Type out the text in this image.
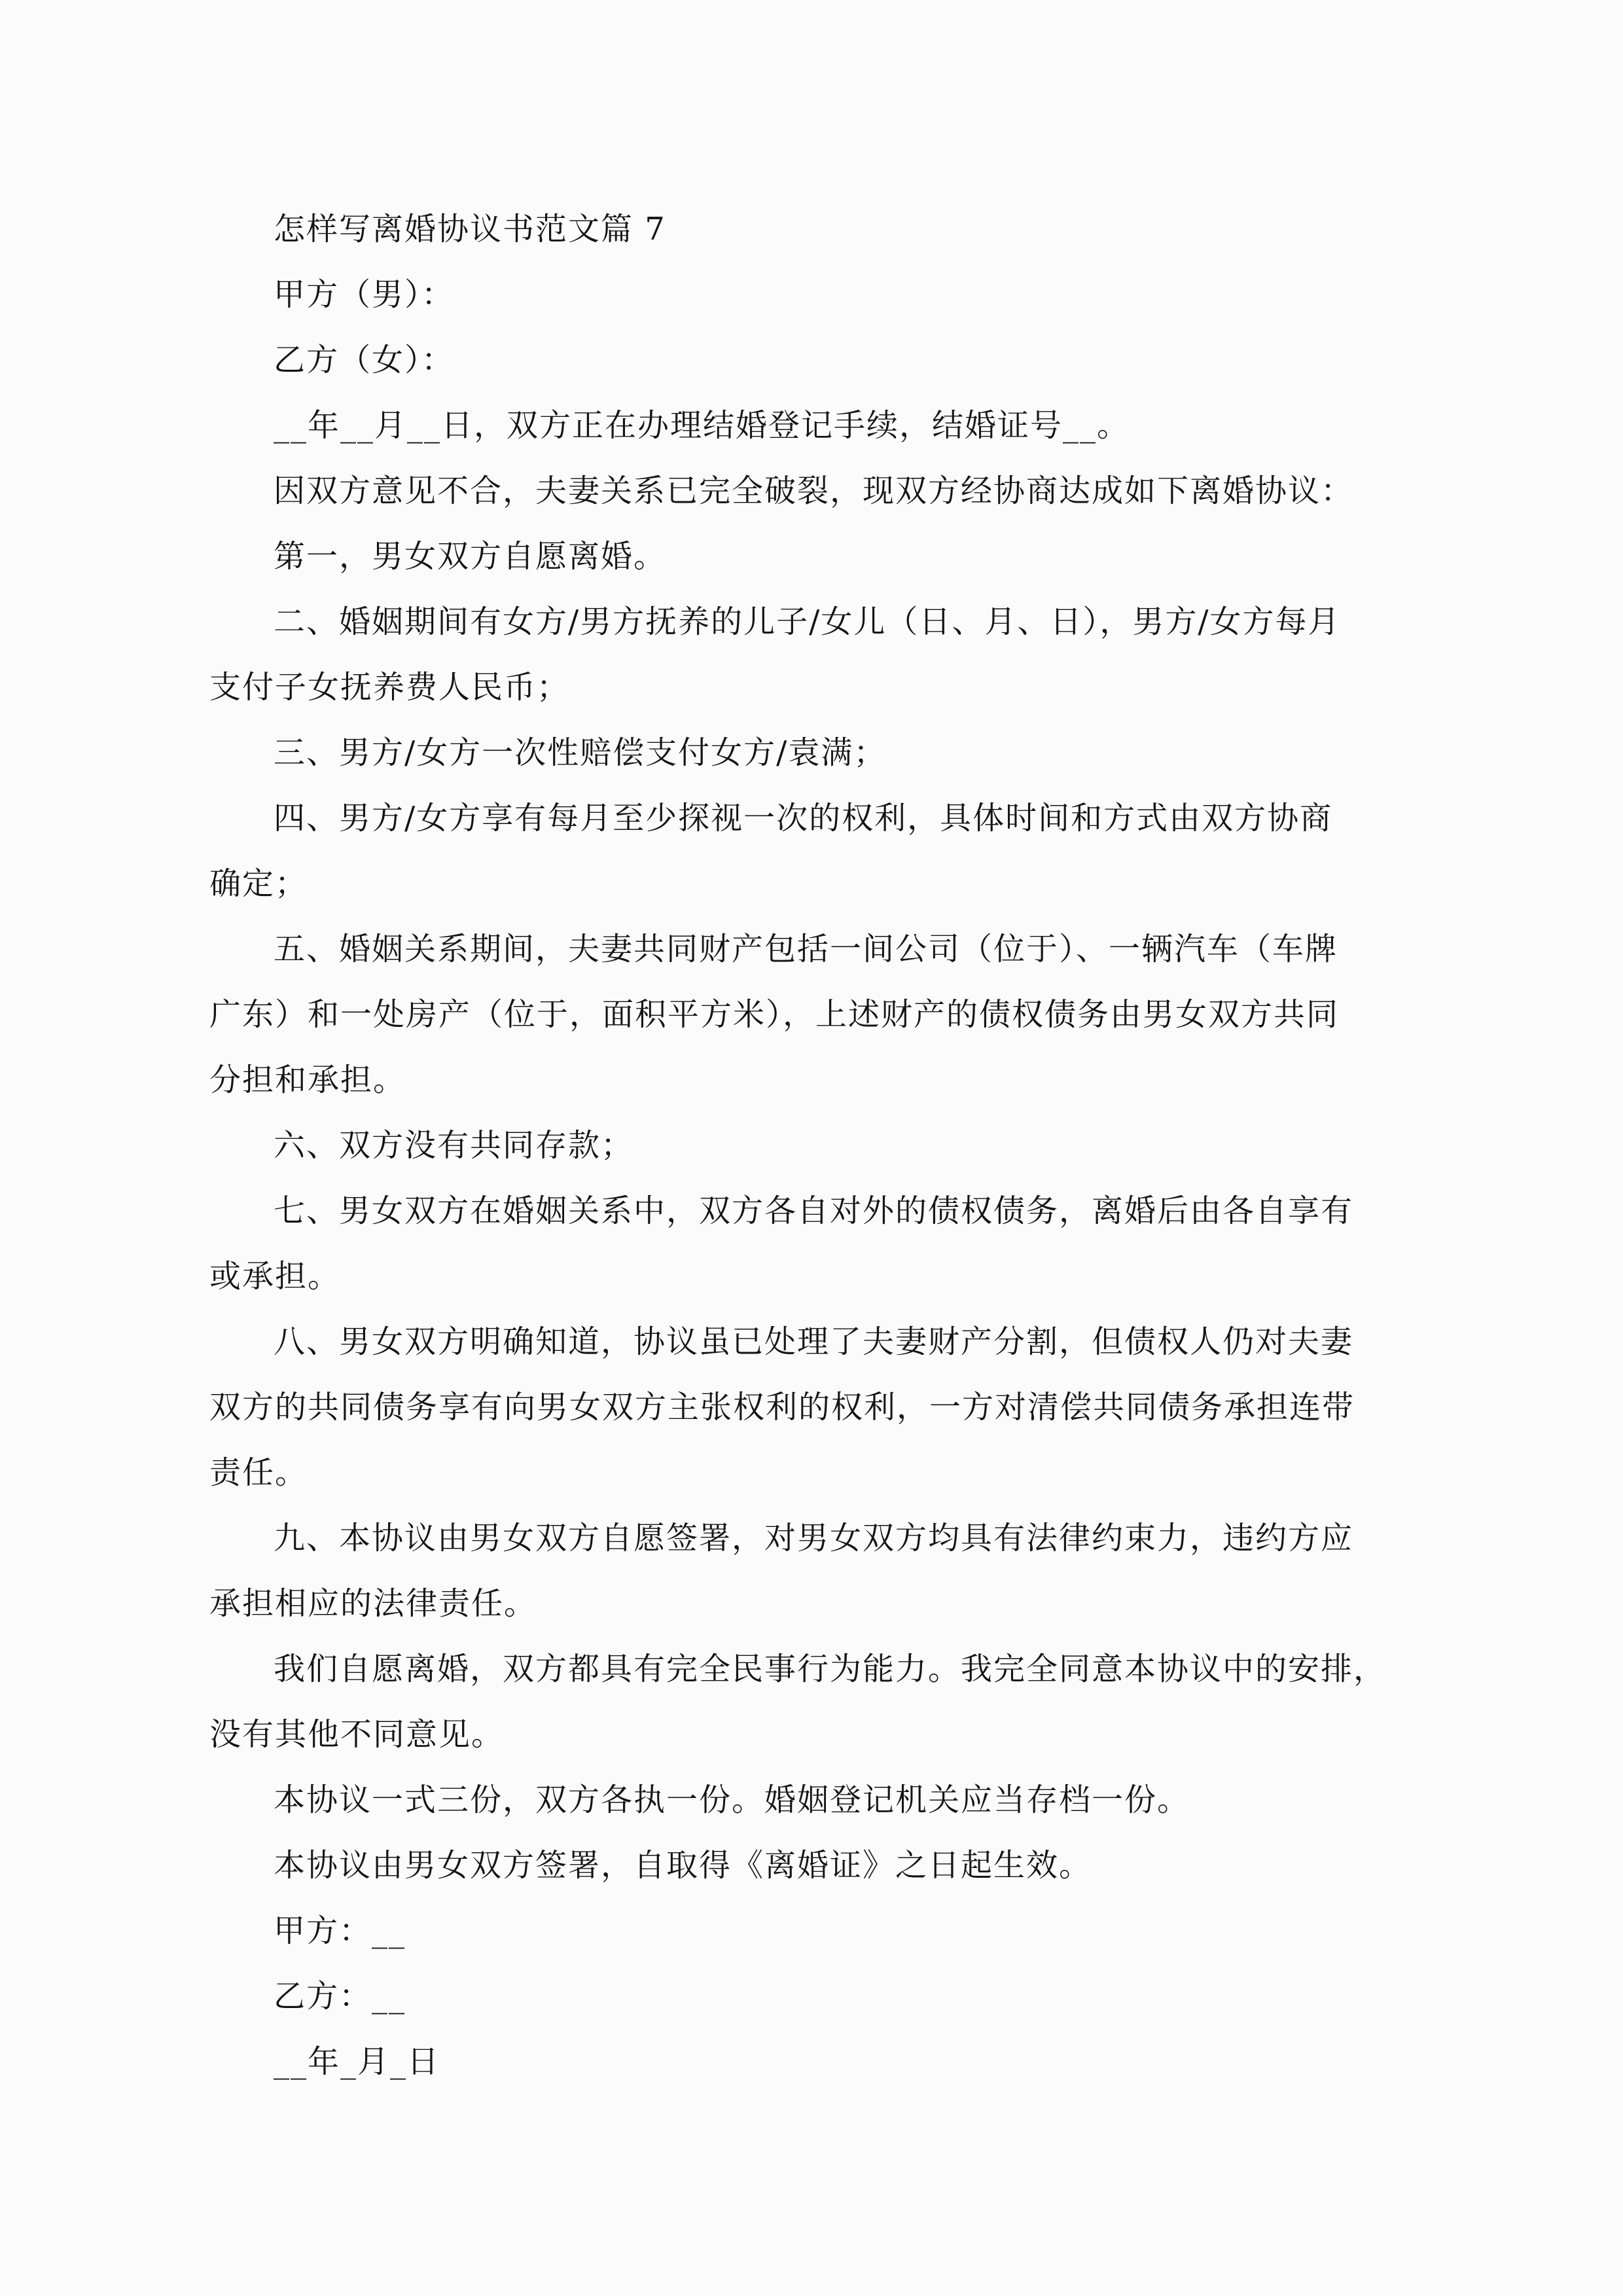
怎样写离婚协议书范文篇 7
甲方（男）：
乙方（女）：
__年__月__日，双方正在办理结婚登记手续，结婚证号__。
因双方意见不合，夫妻关系已完全破裂，现双方经协商达成如下离婚协议：
第一，男女双方自愿离婚。
二、婚姻期间有女方/男方抚养的儿子/女儿（日、月、日），男方/女方每月
支付子女抚养费人民币；
三、男方/女方一次性赔偿支付女方/袁满；
四、男方/女方享有每月至少探视一次的权利，具体时间和方式由双方协商
确定；
五、婚姻关系期间，夫妻共同财产包括一间公司（位于）、一辆汽车（车牌
广东）和一处房产（位于，面积平方米），上述财产的债权债务由男女双方共同
分担和承担。
六、双方没有共同存款；
七、男女双方在婚姻关系中，双方各自对外的债权债务，离婚后由各自享有
或承担。
八、男女双方明确知道，协议虽已处理了夫妻财产分割，但债权人仍对夫妻
双方的共同债务享有向男女双方主张权利的权利，一方对清偿共同债务承担连带
责任。
九、本协议由男女双方自愿签署，对男女双方均具有法律约束力，违约方应
承担相应的法律责任。
我们自愿离婚，双方都具有完全民事行为能力。我完全同意本协议中的安排，
没有其他不同意见。
本协议一式三份，双方各执一份。婚姻登记机关应当存档一份。
本协议由男女双方签署，自取得《离婚证》之日起生效。
甲方：__
乙方：__
__年_月_日
